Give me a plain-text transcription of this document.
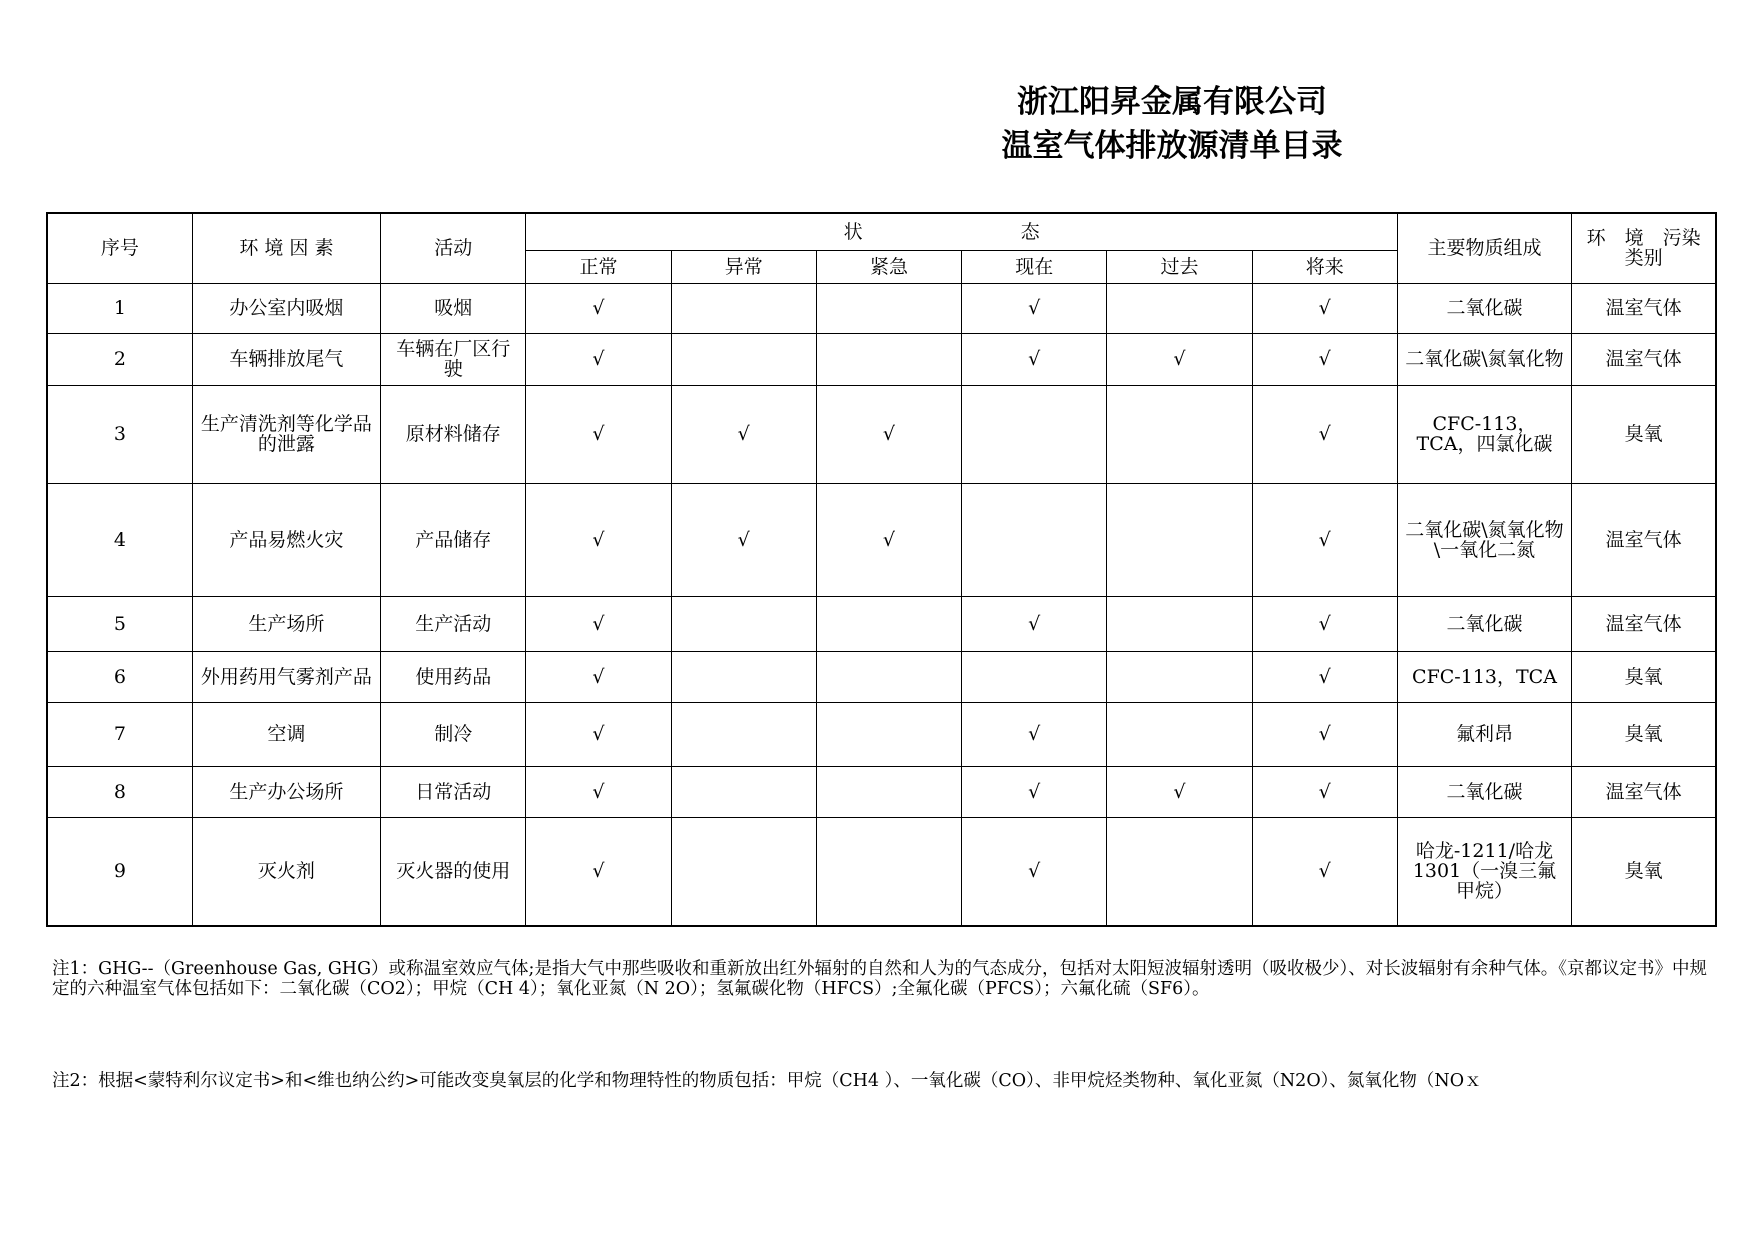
浙江阳昇金属有限公司
温室气体排放源清单目录
序号	环 境 因 素	活动	状　　态						主要物质组成	环　境　污染类别
			正常	异常	紧急	现在	过去	将来		
1	办公室内吸烟	吸烟	√			√		√	二氧化碳	温室气体
2	车辆排放尾气	车辆在厂区行驶	√			√	√	√	二氧化碳\氮氧化物	温室气体
3	生产清洗剂等化学品的泄露	原材料储存	√	√	√			√	CFC-113，TCA，四氯化碳	臭氧
4	产品易燃火灾	产品储存	√	√	√			√	二氧化碳\氮氧化物\一氧化二氮	温室气体
5	生产场所	生产活动	√			√		√	二氧化碳	温室气体
6	外用药用气雾剂产品	使用药品	√					√	CFC-113，TCA	臭氧
7	空调	制冷	√			√		√	氟利昂	臭氧
8	生产办公场所	日常活动	√			√	√	√	二氧化碳	温室气体
9	灭火剂	灭火器的使用	√			√		√	哈龙-1211/哈龙1301（一溴三氟甲烷）	臭氧
注1：GHG--（Greenhouse Gas, GHG）或称温室效应气体;是指大气中那些吸收和重新放出红外辐射的自然和人为的气态成分，包括对太阳短波辐射透明（吸收极少）、对长波辐射有余种气体。《京都议定书》中规定的六种温室气体包括如下：二氧化碳（CO2）；甲烷（CH 4）；氧化亚氮（N 2O）；氢氟碳化物（HFCS）;全氟化碳（PFCS）；六氟化硫（SF6）。
注2：根据<蒙特利尔议定书>和<维也纳公约>可能改变臭氧层的化学和物理特性的物质包括：甲烷（CH4 ）、一氧化碳（CO）、非甲烷烃类物种、氧化亚氮（N2O）、氮氧化物（NOｘ
